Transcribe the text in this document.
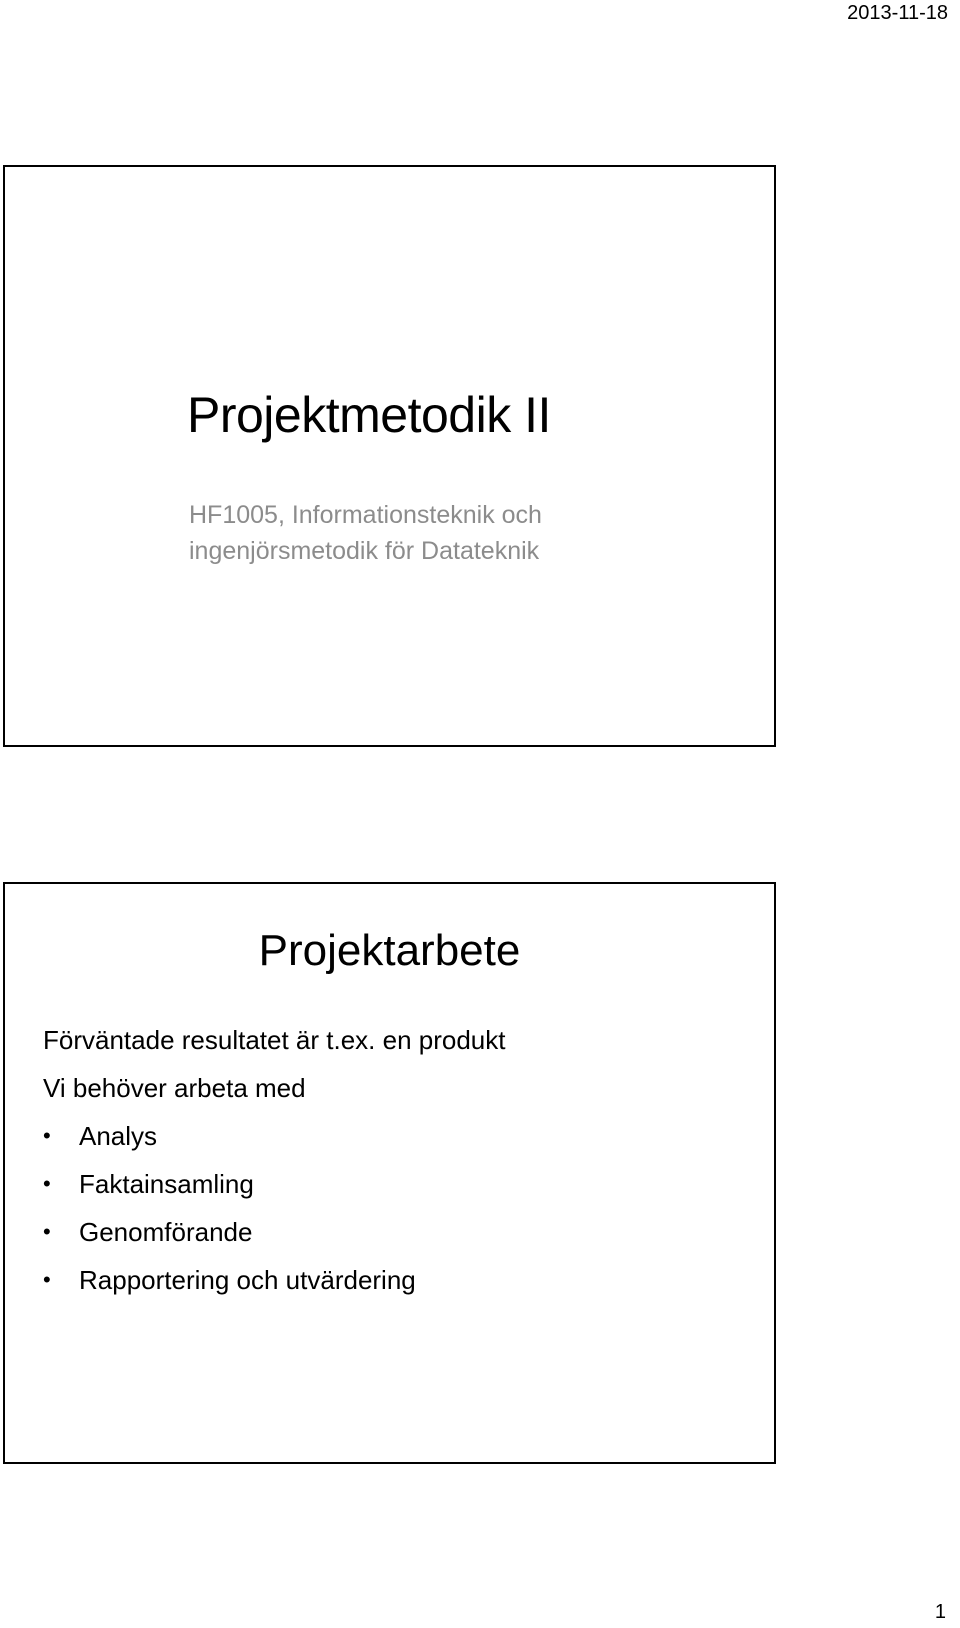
2013-11-18
Projektmetodik II
HF1005, Informationsteknik och
ingenjörsmetodik för Datateknik
Projektarbete

Förväntade resultatet är t.ex. en produkt

Vi behöver arbeta med

• Analys
• Faktainsamling
• Genomförande
• Rapportering och utvärdering
1
